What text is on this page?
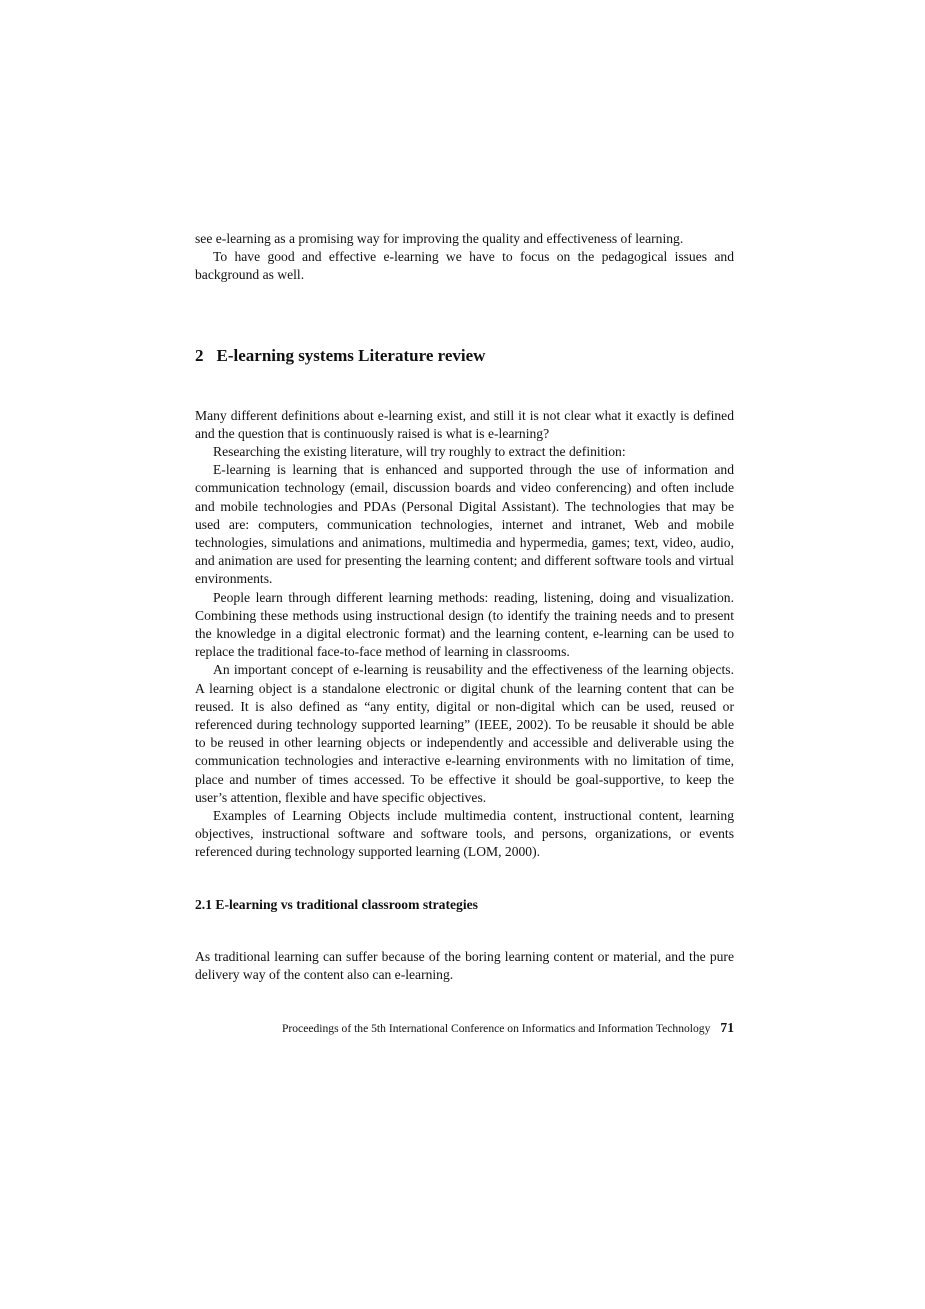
see e-learning as a promising way for improving the quality and effectiveness of learning.

To have good and effective e-learning we have to focus on the pedagogical issues and background as well.

2 E-learning systems Literature review

Many different definitions about e-learning exist, and still it is not clear what it exactly is defined and the question that is continuously raised is what is e-learning?

Researching the existing literature, will try roughly to extract the definition:

E-learning is learning that is enhanced and supported through the use of information and communication technology (email, discussion boards and video conferencing) and often include and mobile technologies and PDAs (Personal Digital Assistant). The technologies that may be used are: computers, communication technologies, internet and intranet, Web and mobile technologies, simulations and animations, multimedia and hypermedia, games; text, video, audio, and animation are used for presenting the learning content; and different software tools and virtual environments.

People learn through different learning methods: reading, listening, doing and visualization. Combining these methods using instructional design (to identify the training needs and to present the knowledge in a digital electronic format) and the learning content, e-learning can be used to replace the traditional face-to-face method of learning in classrooms.

An important concept of e-learning is reusability and the effectiveness of the learning objects. A learning object is a standalone electronic or digital chunk of the learning content that can be reused. It is also defined as “any entity, digital or non-digital which can be used, reused or referenced during technology supported learning” (IEEE, 2002). To be reusable it should be able to be reused in other learning objects or independently and accessible and deliverable using the communication technologies and interactive e-learning environments with no limitation of time, place and number of times accessed. To be effective it should be goal-supportive, to keep the user’s attention, flexible and have specific objectives.

Examples of Learning Objects include multimedia content, instructional content, learning objectives, instructional software and software tools, and persons, organizations, or events referenced during technology supported learning (LOM, 2000).

2.1 E-learning vs traditional classroom strategies

As traditional learning can suffer because of the boring learning content or material, and the pure delivery way of the content also can e-learning.

Proceedings of the 5th International Conference on Informatics and Information Technology 71
